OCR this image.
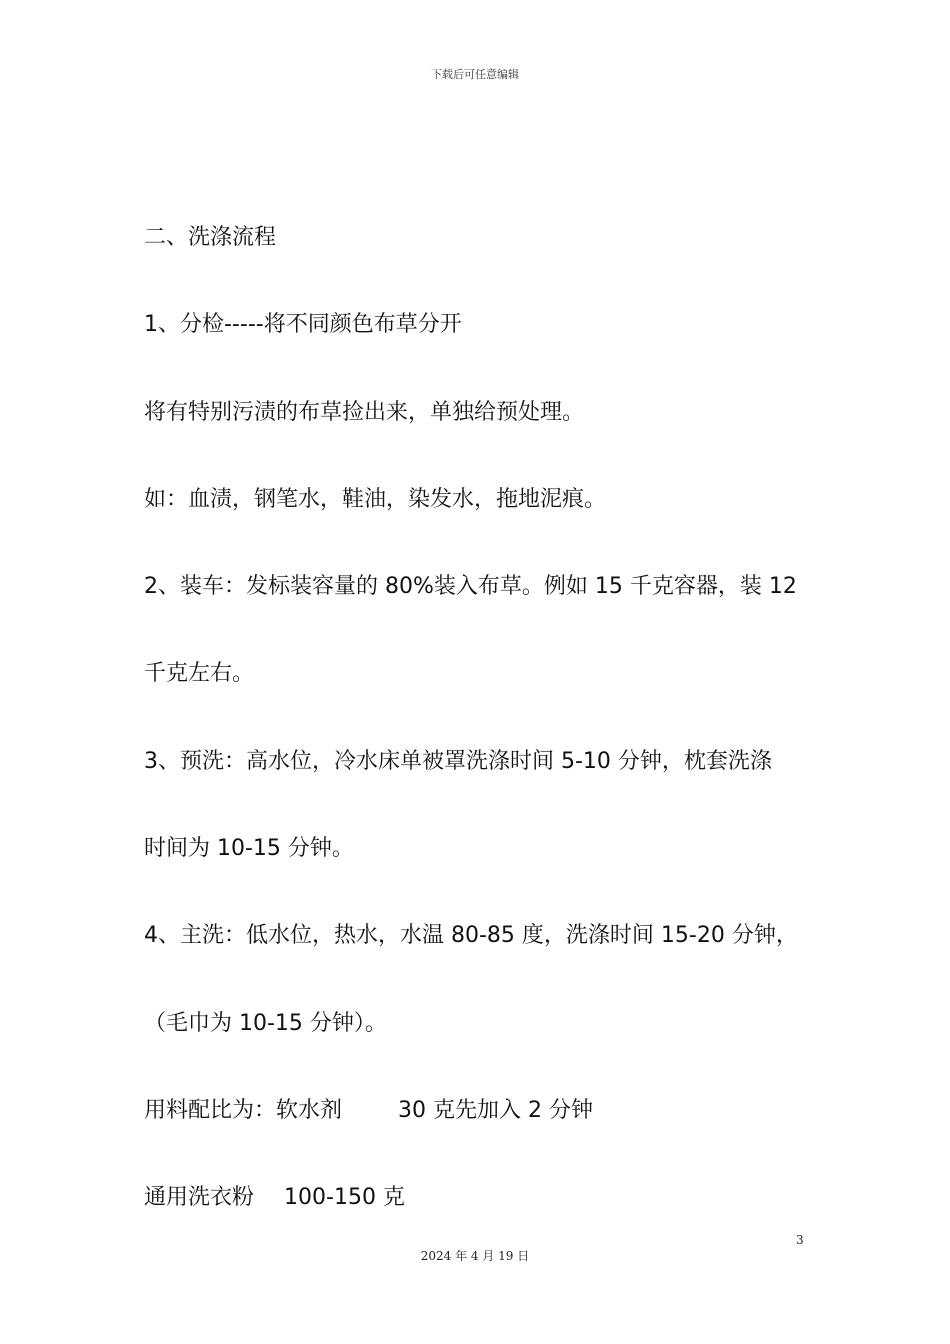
下载后可任意编辑
二、洗涤流程
1、分检-----将不同颜色布草分开
将有特别污渍的布草捡出来，单独给预处理。
如：血渍，钢笔水，鞋油，染发水，拖地泥痕。
2、装车：发标装容量的 80%装入布草。例如 15 千克容器，装 12
千克左右。
3、预洗：高水位，冷水床单被罩洗涤时间 5-10 分钟，枕套洗涤
时间为 10-15 分钟。
4、主洗：低水位，热水，水温 80-85 度，洗涤时间 15-20 分钟，
（毛巾为 10-15 分钟）。
用料配比为：软水剂	30 克先加入 2 分钟
通用洗衣粉 100-150 克
3
2024 年 4 月 19 日
